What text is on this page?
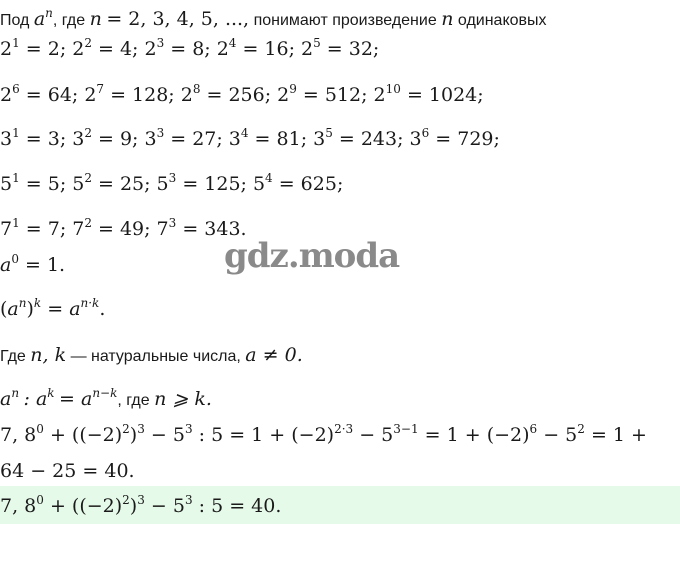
Под $a^n$, где n = 2, 3, 4, 5, ..., понимают произведение n одинаковых
$2^1 = 2$; $2^2 = 4$; $2^3 = 8$; $2^4 = 16$; $2^5 = 32$;
$2^6 = 64$; $2^7 = 128$; $2^8 = 256$; $2^9 = 512$; $2^{10} = 1024$;
$3^1 = 3$; $3^2 = 9$; $3^3 = 27$; $3^4 = 81$; $3^5 = 243$; $3^6 = 729$;
$5^1 = 5$; $5^2 = 25$; $5^3 = 125$; $5^4 = 625$;
$7^1 = 7$; $7^2 = 49$; $7^3 = 343$.
$a^0 = 1$.	gdz.moda
$(a^n)^k = a^{n\cdot k}$.
Где n, k — натуральные числа, a ≠ 0.
$a^n$ : $a^k = a^{n-k}$, где n ⩾ k.
7, $8^0 + ((-2)^2)^3 - 5^3$ : $5 = 1 + (-2)^{2\cdot 3} - 5^{3-1} = 1 + (-2)^6 - 5^2 = 1$ +
64 − 25 = 40.
7, $8^0 + ((-2)^2)^3 - 5^3$ : 5 = 40.
